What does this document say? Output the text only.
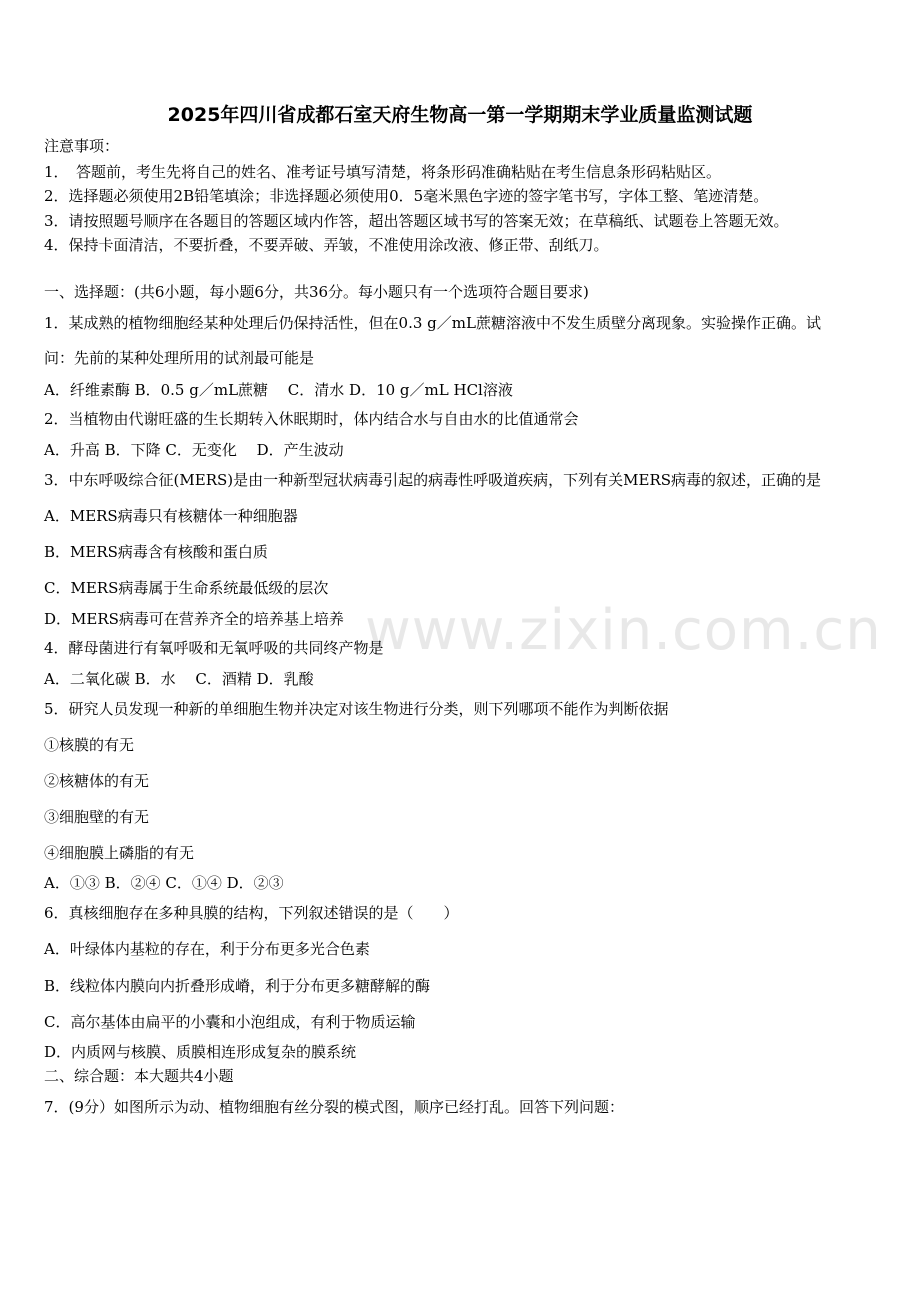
2025年四川省成都石室天府生物高一第一学期期末学业质量监测试题
注意事项：
1．　答题前，考生先将自己的姓名、准考证号填写清楚，将条形码准确粘贴在考生信息条形码粘贴区。
2．选择题必须使用2B铅笔填涂；非选择题必须使用0．5毫米黑色字迹的签字笔书写，字体工整、笔迹清楚。
3．请按照题号顺序在各题目的答题区域内作答，超出答题区域书写的答案无效；在草稿纸、试题卷上答题无效。
4．保持卡面清洁，不要折叠，不要弄破、弄皱，不准使用涂改液、修正带、刮纸刀。
一、选择题：(共6小题，每小题6分，共36分。每小题只有一个选项符合题目要求)
1．某成熟的植物细胞经某种处理后仍保持活性，但在0.3 g／mL蔗糖溶液中不发生质壁分离现象。实验操作正确。试
问：先前的某种处理所用的试剂最可能是
A．纤维素酶 B．0.5 g／mL蔗糖　 C．清水 D．10 g／mL HCl溶液
2．当植物由代谢旺盛的生长期转入休眠期时，体内结合水与自由水的比值通常会
A．升高 B．下降 C．无变化　 D．产生波动
3．中东呼吸综合征(MERS)是由一种新型冠状病毒引起的病毒性呼吸道疾病，下列有关MERS病毒的叙述，正确的是
A．MERS病毒只有核糖体一种细胞器
B．MERS病毒含有核酸和蛋白质
C．MERS病毒属于生命系统最低级的层次
D．MERS病毒可在营养齐全的培养基上培养
4．酵母菌进行有氧呼吸和无氧呼吸的共同终产物是
A．二氧化碳 B．水　 C．酒精 D．乳酸
5．研究人员发现一种新的单细胞生物并决定对该生物进行分类，则下列哪项不能作为判断依据
①核膜的有无
②核糖体的有无
③细胞壁的有无
④细胞膜上磷脂的有无
A．①③ B．②④ C．①④ D．②③
6．真核细胞存在多种具膜的结构，下列叙述错误的是（　　）
A．叶绿体内基粒的存在，利于分布更多光合色素
B．线粒体内膜向内折叠形成嵴，利于分布更多糖酵解的酶
C．高尔基体由扁平的小囊和小泡组成，有利于物质运输
D．内质网与核膜、质膜相连形成复杂的膜系统
二、综合题：本大题共4小题
7．(9分）如图所示为动、植物细胞有丝分裂的模式图，顺序已经打乱。回答下列问题：
www.zixin.com.cn
